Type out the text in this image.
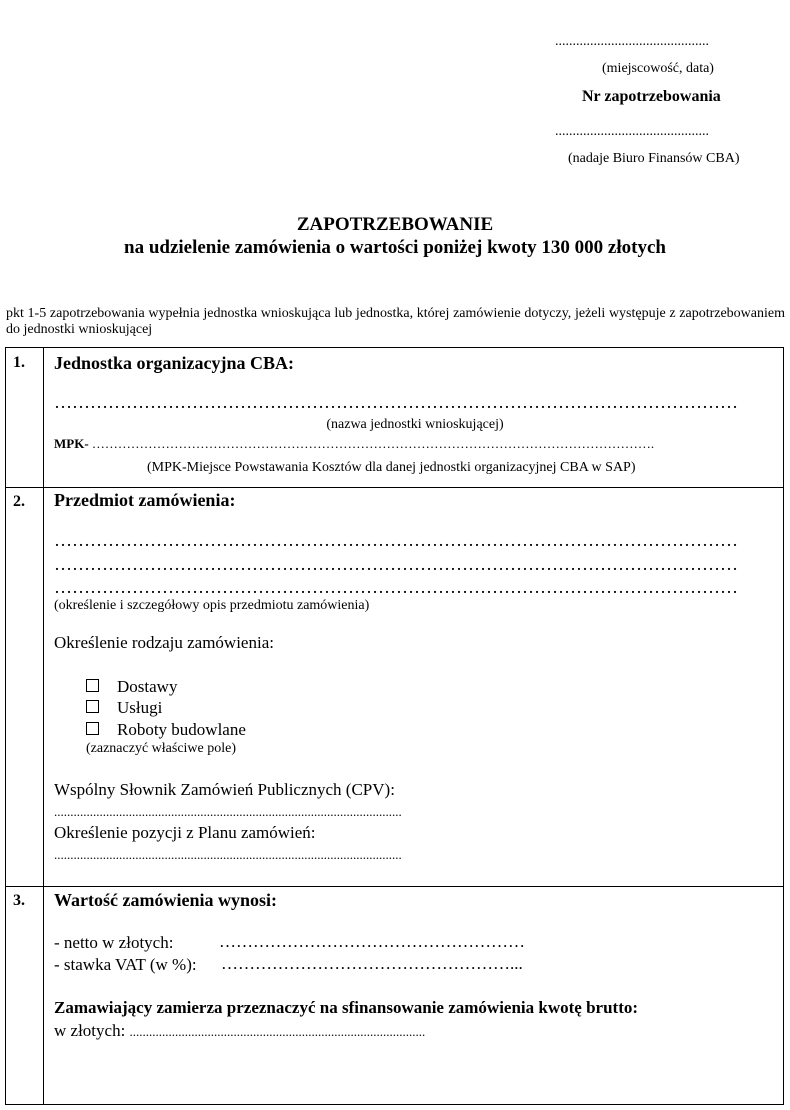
............................................
(miejscowość, data)
Nr zapotrzebowania
............................................
(nadaje Biuro Finansów CBA)
ZAPOTRZEBOWANIE
na udzielenie zamówienia o wartości poniżej kwoty 130 000 złotych
pkt 1-5 zapotrzebowania wypełnia jednostka wnioskująca lub jednostka, której zamówienie dotyczy, jeżeli występuje z zapotrzebowaniem do jednostki wnioskującej
1. Jednostka organizacyjna CBA:
……………………………………………………………………………………………………
(nazwa jednostki wnioskującej)
MPK- ………………………………………………………………………………………………………………….
(MPK-Miejsce Powstawania Kosztów dla danej jednostki organizacyjnej CBA w SAP)
2. Przedmiot zamówienia:
……………………………………………………………………………………………………
……………………………………………………………………………………………………
……………………………………………………………………………………………………
(określenie i szczegółowy opis przedmiotu zamówienia)
Określenie rodzaju zamówienia:
Dostawy
Usługi
Roboty budowlane
(zaznaczyć właściwe pole)
Wspólny Słownik Zamówień Publicznych (CPV):
...........................................................................................................
Określenie pozycji z Planu zamówień:
...........................................................................................................
3. Wartość zamówienia wynosi:
- netto w złotych:	………………………………………………
- stawka VAT (w %): ……………………………………………...
Zamawiający zamierza przeznaczyć na sfinansowanie zamówienia kwotę brutto:
w złotych: ...........................................................................................
